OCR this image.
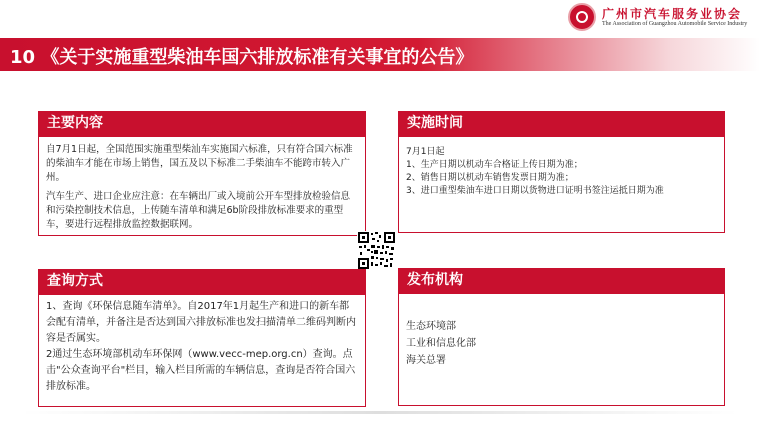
广州市汽车服务业协会
The Association of Guangzhou Automobile Service Industry
10 《关于实施重型柴油车国六排放标准有关事宜的公告》
主要内容

自7月1日起，全国范围实施重型柴汕车实施国六标准，只有符合国六标准的柴油车才能在市场上销售，国五及以下标准二手柴油车不能跨市转入广州。

汽车生产、进口企业应注意：在车辆出厂或入境前公开车型排放检验信息和污染控制技术信息，上传随车清单和满足6b阶段排放标准要求的重型车，要进行远程排放监控数据联网。

实施时间
7月1日起
1、生产日期以机动车合格证上传日期为准；
2、销售日期以机动车销售发票日期为准；
3、进口重型柴油车进口日期以货物进口证明书签注运抵日期为准
查询方式
1、查询《环保信息随车清单》。自2017年1月起生产和进口的新车都会配有清单，并备注是否达到国六排放标准也发扫描清单二维码判断内容是否属实。
2通过生态环境部机动车环保网（www.vecc-mep.org.cn）查询。点击"公众查询平台"栏目，输入栏目所需的车辆信息，查询是否符合国六排放标准。
发布机构
生态环境部
工业和信息化部
海关总署
